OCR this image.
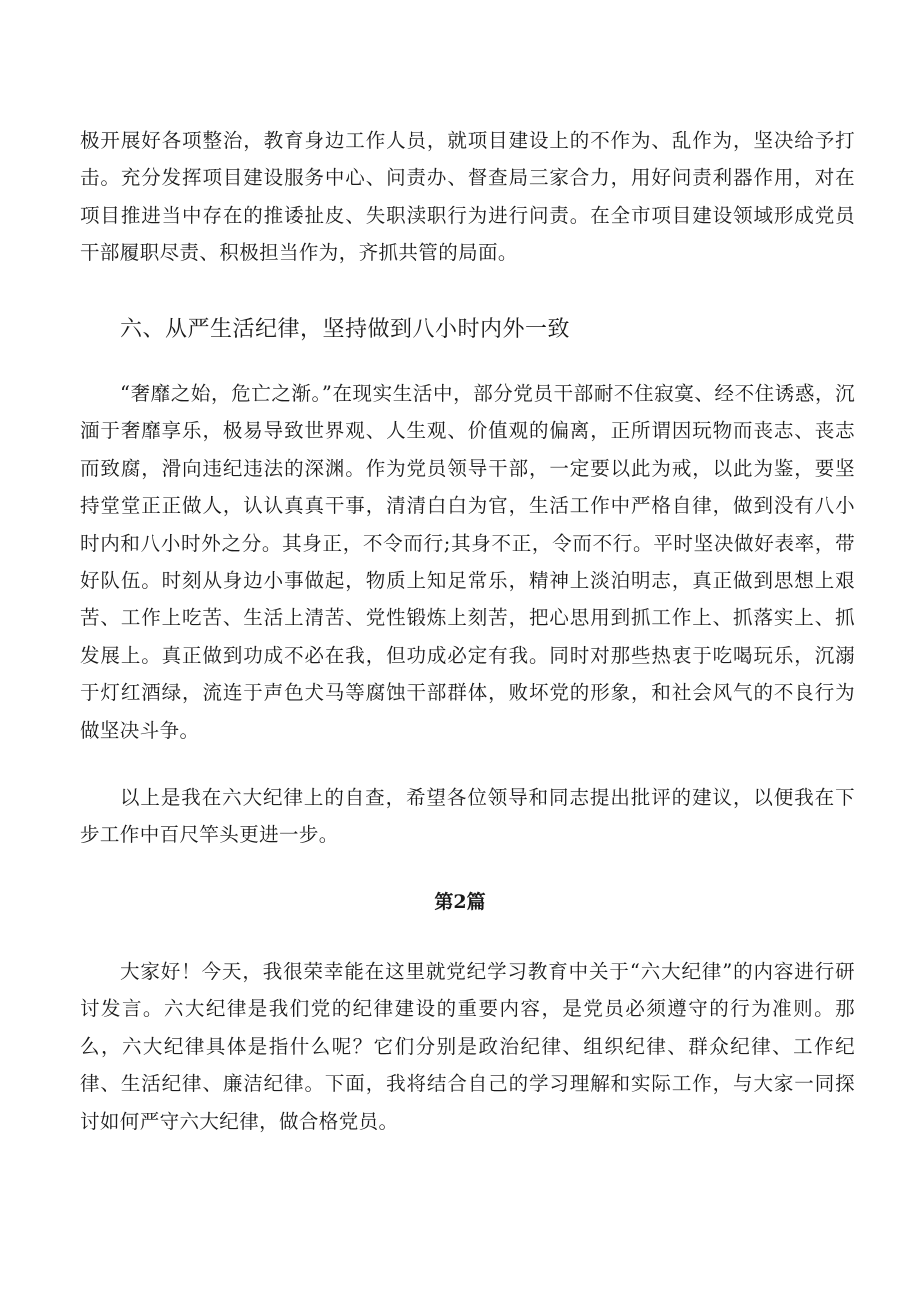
极开展好各项整治，教育身边工作人员，就项目建设上的不作为、乱作为，坚决给予打击。充分发挥项目建设服务中心、问责办、督查局三家合力，用好问责利器作用，对在项目推进当中存在的推诿扯皮、失职渎职行为进行问责。在全市项目建设领域形成党员干部履职尽责、积极担当作为，齐抓共管的局面。

六、从严生活纪律，坚持做到八小时内外一致

“奢靡之始，危亡之渐。”在现实生活中，部分党员干部耐不住寂寞、经不住诱惑，沉湎于奢靡享乐，极易导致世界观、人生观、价值观的偏离，正所谓因玩物而丧志、丧志而致腐，滑向违纪违法的深渊。作为党员领导干部，一定要以此为戒，以此为鉴，要坚持堂堂正正做人，认认真真干事，清清白白为官，生活工作中严格自律，做到没有八小时内和八小时外之分。其身正，不令而行;其身不正，令而不行。平时坚决做好表率，带好队伍。时刻从身边小事做起，物质上知足常乐，精神上淡泊明志，真正做到思想上艰苦、工作上吃苦、生活上清苦、党性锻炼上刻苦，把心思用到抓工作上、抓落实上、抓发展上。真正做到功成不必在我，但功成必定有我。同时对那些热衷于吃喝玩乐，沉溺于灯红酒绿，流连于声色犬马等腐蚀干部群体，败坏党的形象，和社会风气的不良行为做坚决斗争。

以上是我在六大纪律上的自查，希望各位领导和同志提出批评的建议，以便我在下步工作中百尺竿头更进一步。

第2篇

大家好！今天，我很荣幸能在这里就党纪学习教育中关于“六大纪律”的内容进行研讨发言。六大纪律是我们党的纪律建设的重要内容，是党员必须遵守的行为准则。那么，六大纪律具体是指什么呢？它们分别是政治纪律、组织纪律、群众纪律、工作纪律、生活纪律、廉洁纪律。下面，我将结合自己的学习理解和实际工作，与大家一同探讨如何严守六大纪律，做合格党员。
